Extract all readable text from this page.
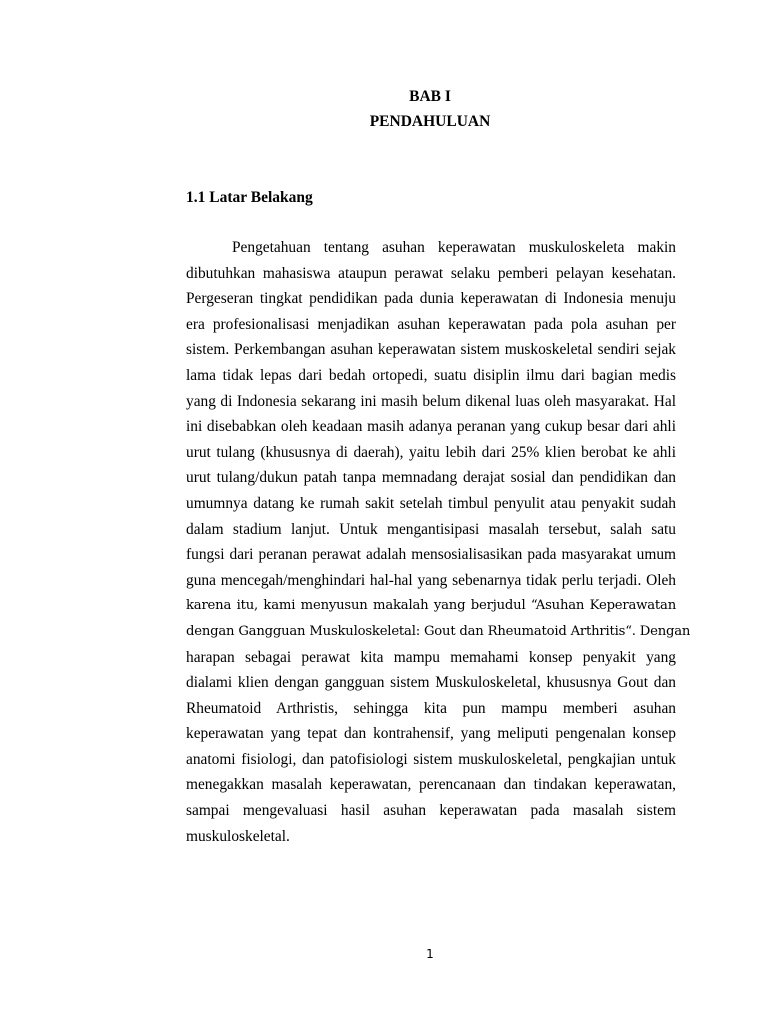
BAB I
PENDAHULUAN
1.1 Latar Belakang
Pengetahuan tentang asuhan keperawatan muskuloskeleta makin
dibutuhkan mahasiswa ataupun perawat selaku pemberi pelayan kesehatan.
Pergeseran tingkat pendidikan pada dunia keperawatan di Indonesia menuju
era profesionalisasi menjadikan asuhan keperawatan pada pola asuhan per
sistem. Perkembangan asuhan keperawatan sistem muskoskeletal sendiri sejak
lama tidak lepas dari bedah ortopedi, suatu disiplin ilmu dari bagian medis
yang di Indonesia sekarang ini masih belum dikenal luas oleh masyarakat. Hal
ini disebabkan oleh keadaan masih adanya peranan yang cukup besar dari ahli
urut tulang (khususnya di daerah), yaitu lebih dari 25% klien berobat ke ahli
urut tulang/dukun patah tanpa memnadang derajat sosial dan pendidikan dan
umumnya datang ke rumah sakit setelah timbul penyulit atau penyakit sudah
dalam stadium lanjut. Untuk mengantisipasi masalah tersebut, salah satu
fungsi dari peranan perawat adalah mensosialisasikan pada masyarakat umum
guna mencegah/menghindari hal-hal yang sebenarnya tidak perlu terjadi. Oleh
karena itu, kami menyusun makalah yang berjudul “Asuhan Keperawatan
dengan Gangguan Muskuloskeletal: Gout dan Rheumatoid Arthritis“. Dengan
harapan sebagai perawat kita mampu memahami konsep penyakit yang
dialami klien dengan gangguan sistem Muskuloskeletal, khususnya Gout dan
Rheumatoid Arthristis, sehingga kita pun mampu memberi asuhan
keperawatan yang tepat dan kontrahensif, yang meliputi pengenalan konsep
anatomi fisiologi, dan patofisiologi sistem muskuloskeletal, pengkajian untuk
menegakkan masalah keperawatan, perencanaan dan tindakan keperawatan,
sampai mengevaluasi hasil asuhan keperawatan pada masalah sistem
muskuloskeletal.
1
